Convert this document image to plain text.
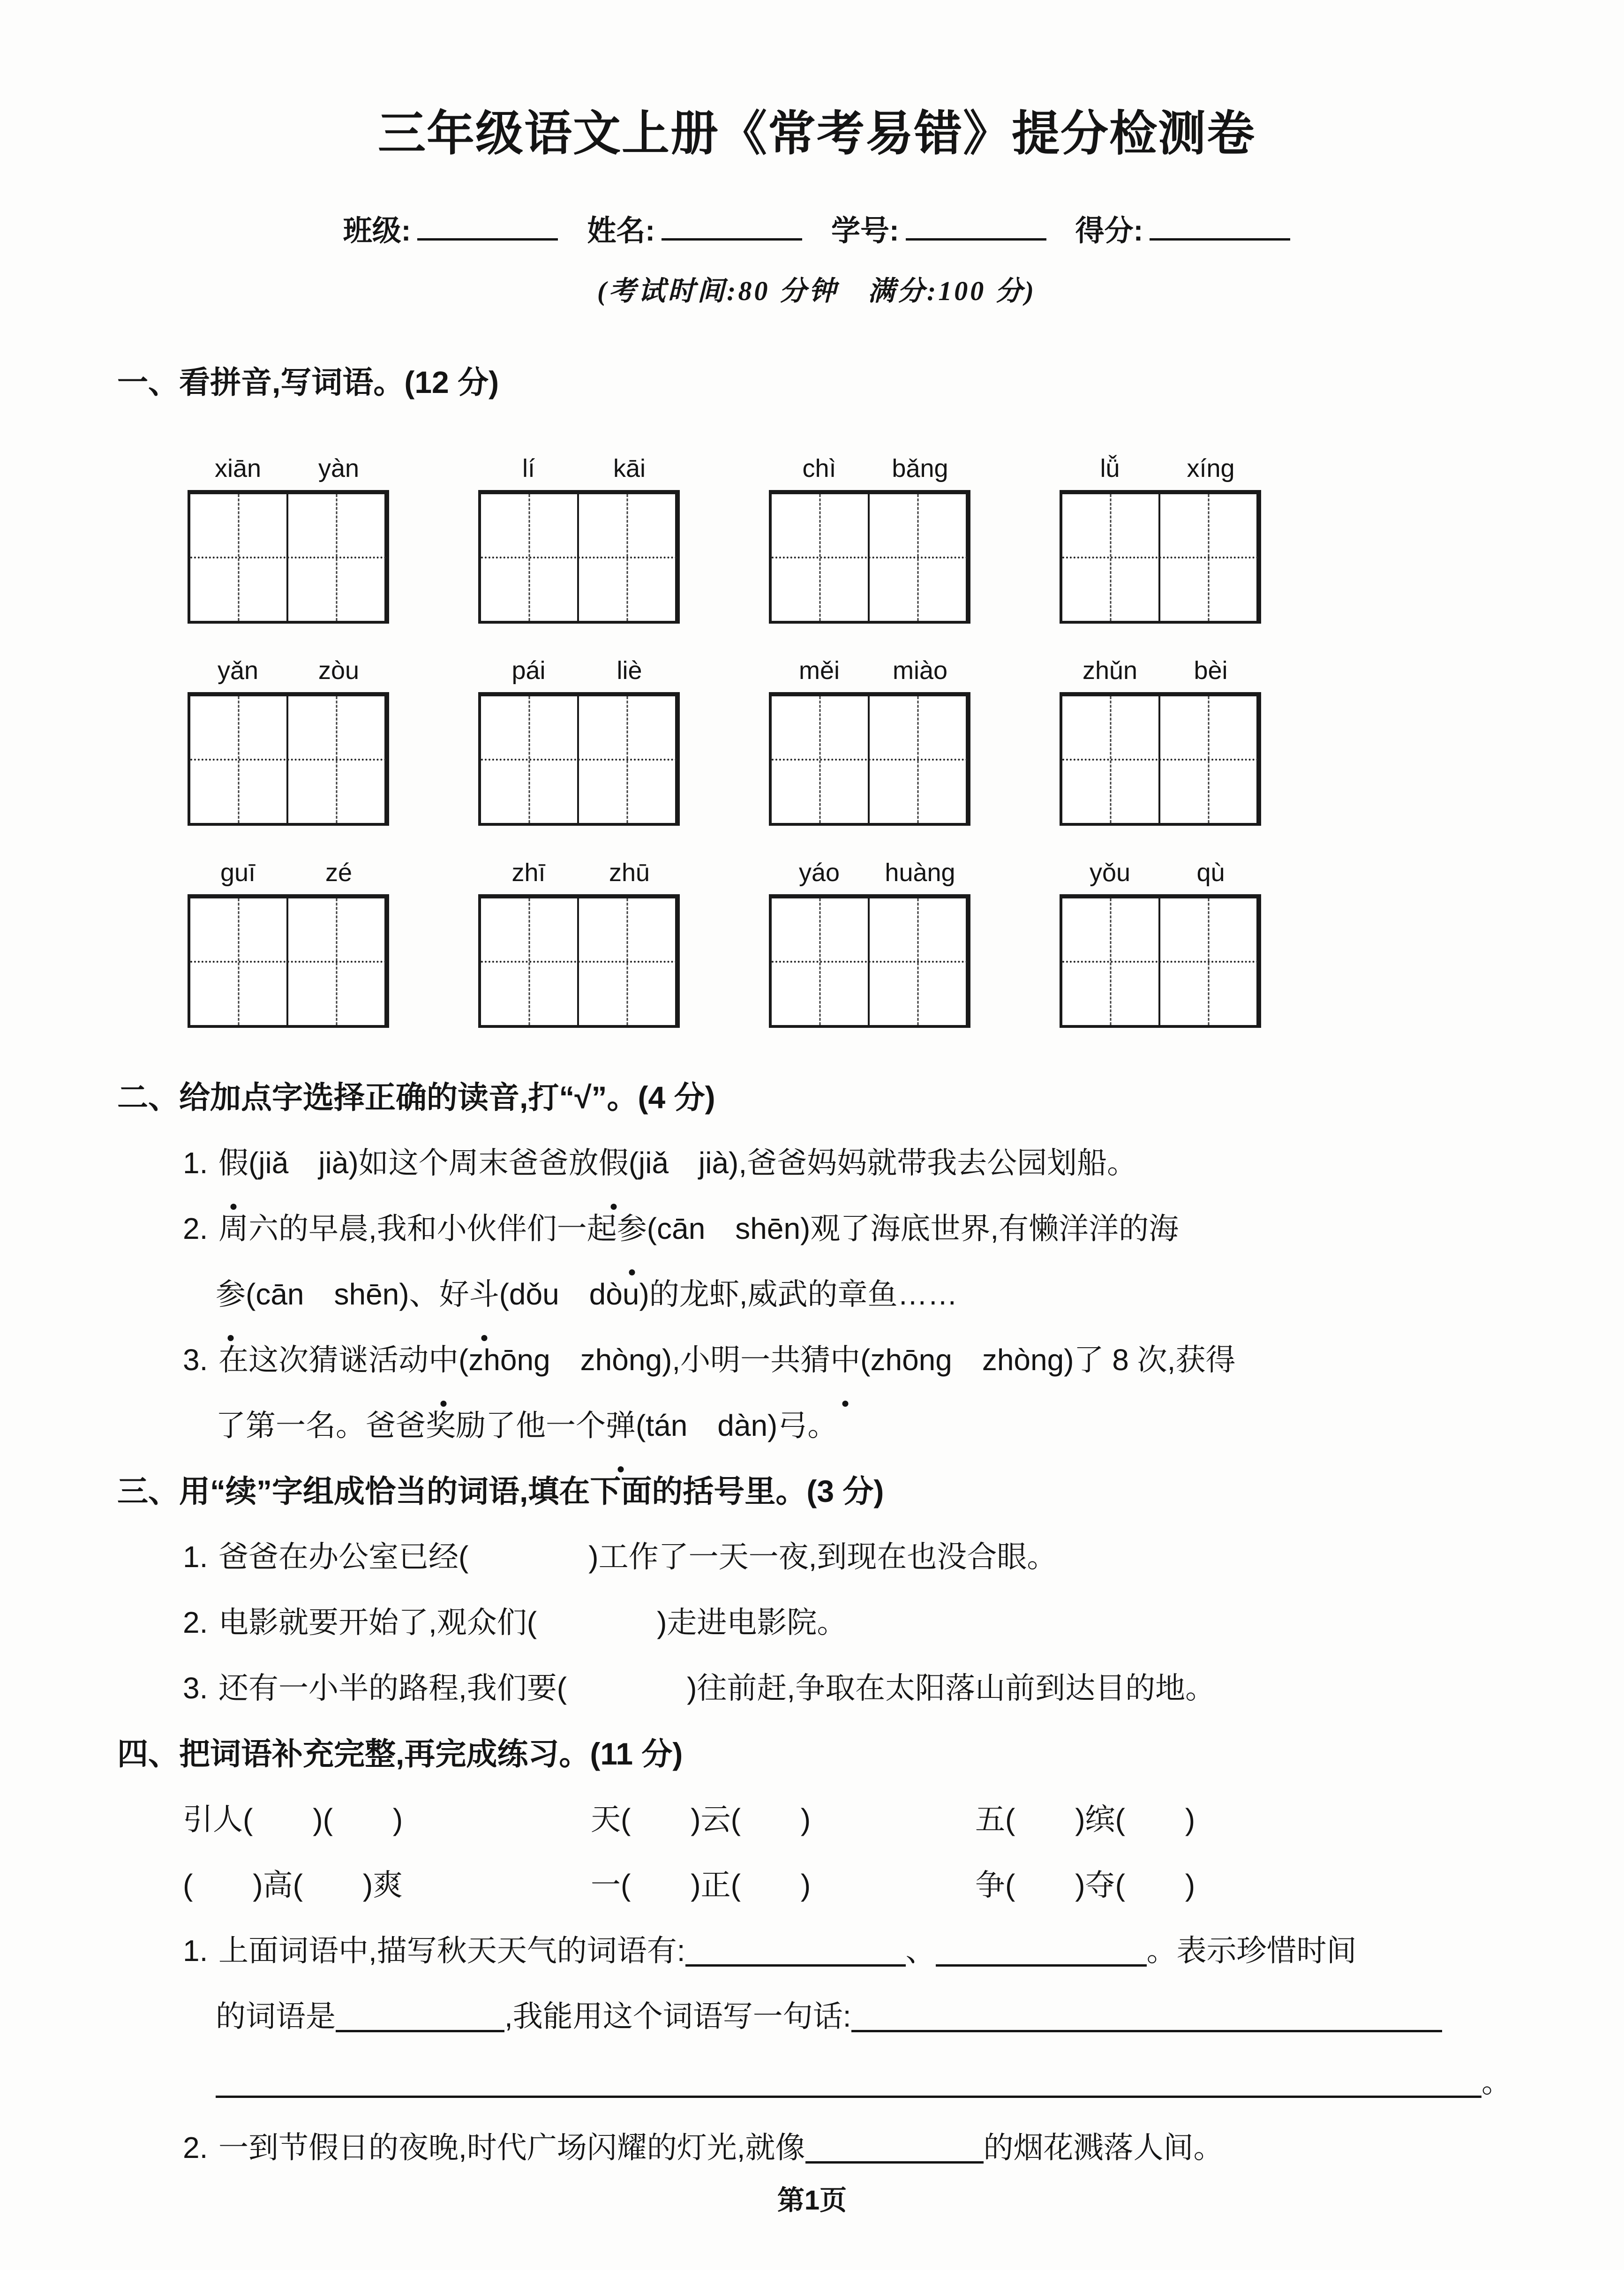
三年级语文上册《常考易错》提分检测卷
班级:	姓名:	学号:	得分:
(考试时间:80 分钟　满分:100 分)
一、看拼音,写词语。(12 分)
xiān	yàn	lí	kāi	chì	bǎng	lǚ	xíng
yǎn	zòu	pái	liè	měi	miào	zhǔn	bèi
guī	zé	zhī	zhū	yáo	huàng	yǒu	qù
二、给加点字选择正确的读音,打“√”。(4 分)
1. 假(jiǎ　jià)如这个周末爸爸放假(jiǎ　jià),爸爸妈妈就带我去公园划船。
2. 周六的早晨,我和小伙伴们一起参(cān　shēn)观了海底世界,有懒洋洋的海
参(cān　shēn)、好斗(dǒu　dòu)的龙虾,威武的章鱼……
3. 在这次猜谜活动中(zhōng　zhòng),小明一共猜中(zhōng　zhòng)了 8 次,获得
了第一名。爸爸奖励了他一个弹(tán　dàn)弓。
三、用“续”字组成恰当的词语,填在下面的括号里。(3 分)
1. 爸爸在办公室已经(　　　　)工作了一天一夜,到现在也没合眼。
2. 电影就要开始了,观众们(　　　　)走进电影院。
3. 还有一小半的路程,我们要(　　　　)往前赶,争取在太阳落山前到达目的地。
四、把词语补充完整,再完成练习。(11 分)
引人(　　)(　　)	天(　　)云(　　)	五(　　)缤(　　)
(　　)高(　　)爽	一(　　)正(　　)	争(　　)夺(　　)
1. 上面词语中,描写秋天天气的词语有:	、	。表示珍惜时间
的词语是	,我能用这个词语写一句话:
。
2. 一到节假日的夜晚,时代广场闪耀的灯光,就像	的烟花溅落人间。
第1页
